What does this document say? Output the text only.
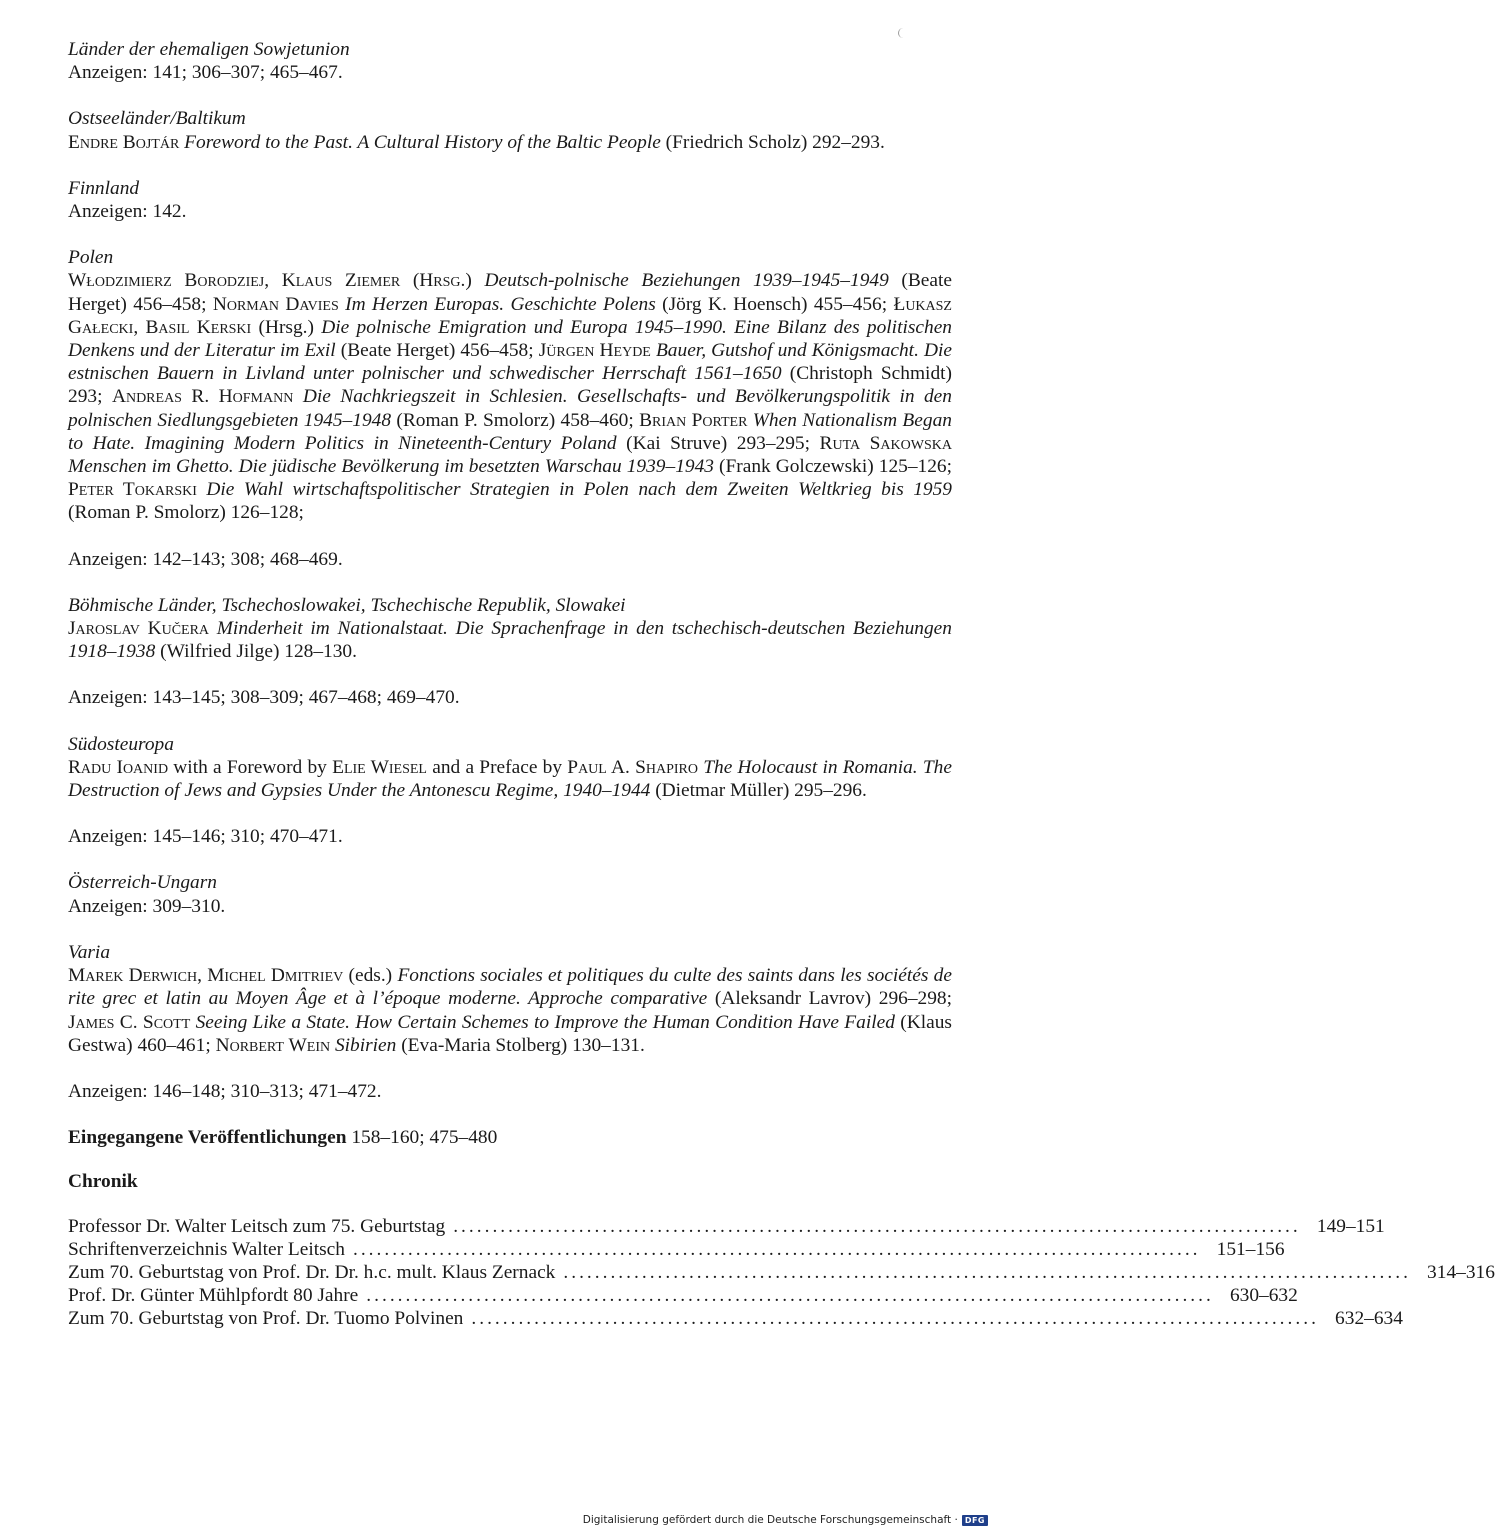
Länder der ehemaligen Sowjetunion
Anzeigen: 141; 306–307; 465–467.
Ostseeländer/Baltikum
Endre Bojtár Foreword to the Past. A Cultural History of the Baltic People (Friedrich Scholz) 292–293.
Finnland
Anzeigen: 142.
Polen
Włodzimierz Borodziej, Klaus Ziemer (Hrsg.) Deutsch-polnische Beziehungen 1939–1945–1949 (Beate Herget) 456–458; Norman Davies Im Herzen Europas. Geschichte Polens (Jörg K. Hoensch) 455–456; Łukasz Gałecki, Basil Kerski (Hrsg.) Die polnische Emigration und Europa 1945–1990. Eine Bilanz des politischen Denkens und der Literatur im Exil (Beate Herget) 456–458; Jürgen Heyde Bauer, Gutshof und Königsmacht. Die estnischen Bauern in Livland unter polnischer und schwedischer Herrschaft 1561–1650 (Christoph Schmidt) 293; Andreas R. Hofmann Die Nachkriegszeit in Schlesien. Gesellschafts- und Bevölkerungspolitik in den polnischen Siedlungsgebieten 1945–1948 (Roman P. Smolorz) 458–460; Brian Porter When Nationalism Began to Hate. Imagining Modern Politics in Nineteenth-Century Poland (Kai Struve) 293–295; Ruta Sakowska Menschen im Ghetto. Die jüdische Bevölkerung im besetzten Warschau 1939–1943 (Frank Golczewski) 125–126; Peter Tokarski Die Wahl wirtschaftspolitischer Strategien in Polen nach dem Zweiten Weltkrieg bis 1959 (Roman P. Smolorz) 126–128;
Anzeigen: 142–143; 308; 468–469.
Böhmische Länder, Tschechoslowakei, Tschechische Republik, Slowakei
Jaroslav Kučera Minderheit im Nationalstaat. Die Sprachenfrage in den tschechisch-deutschen Beziehungen 1918–1938 (Wilfried Jilge) 128–130.
Anzeigen: 143–145; 308–309; 467–468; 469–470.
Südosteuropa
Radu Ioanid with a Foreword by Elie Wiesel and a Preface by Paul A. Shapiro The Holocaust in Romania. The Destruction of Jews and Gypsies Under the Antonescu Regime, 1940–1944 (Dietmar Müller) 295–296.
Anzeigen: 145–146; 310; 470–471.
Österreich-Ungarn
Anzeigen: 309–310.
Varia
Marek Derwich, Michel Dmitriev (eds.) Fonctions sociales et politiques du culte des saints dans les sociétés de rite grec et latin au Moyen Âge et à l’époque moderne. Approche comparative (Aleksandr Lavrov) 296–298; James C. Scott Seeing Like a State. How Certain Schemes to Improve the Human Condition Have Failed (Klaus Gestwa) 460–461; Norbert Wein Sibirien (Eva-Maria Stolberg) 130–131.
Anzeigen: 146–148; 310–313; 471–472.
Eingegangene Veröffentlichungen 158–160; 475–480
Chronik
Professor Dr. Walter Leitsch zum 75. Geburtstag ............................................................................................................ 149–151
Schriftenverzeichnis Walter Leitsch ............................................................................................................ 151–156
Zum 70. Geburtstag von Prof. Dr. Dr. h.c. mult. Klaus Zernack ............................................................................................................ 314–316
Prof. Dr. Günter Mühlpfordt 80 Jahre ............................................................................................................ 630–632
Zum 70. Geburtstag von Prof. Dr. Tuomo Polvinen ............................................................................................................ 632–634
Digitalisierung gefördert durch die Deutsche Forschungsgemeinschaft · DFG
